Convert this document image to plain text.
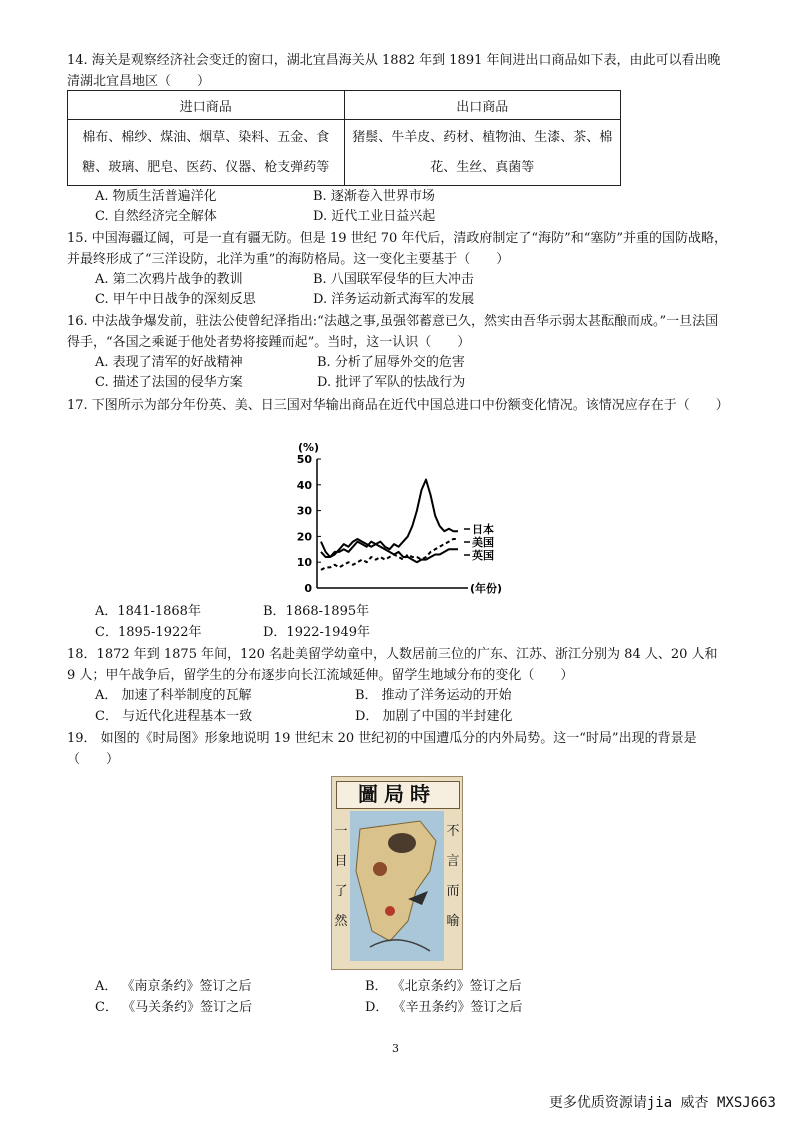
14. 海关是观察经济社会变迁的窗口，湖北宜昌海关从 1882 年到 1891 年间进出口商品如下表，由此可以看出晚清湖北宜昌地区（　　）
进口商品	出口商品
棉布、棉纱、煤油、烟草、染料、五金、食糖、玻璃、肥皂、医药、仪器、枪支弹药等	猪鬃、牛羊皮、药材、植物油、生漆、茶、棉花、生丝、真菌等
A. 物质生活普遍洋化	B. 逐渐卷入世界市场
C. 自然经济完全解体	D. 近代工业日益兴起
15. 中国海疆辽阔，可是一直有疆无防。但是 19 世纪 70 年代后，清政府制定了“海防”和“塞防”并重的国防战略，并最终形成了“三洋设防，北洋为重”的海防格局。这一变化主要基于（　　）
A. 第二次鸦片战争的教训	B. 八国联军侵华的巨大冲击
C. 甲午中日战争的深刻反思	D. 洋务运动新式海军的发展
16. 中法战争爆发前，驻法公使曾纪泽指出:“法越之事,虽强邻蓄意已久，然实由吾华示弱太甚酝酿而成。”一旦法国得手，“各国之乘诞于他处者势将接踵而起”。当时，这一认识（　　）
A. 表现了清军的好战精神	B. 分析了屈辱外交的危害
C. 描述了法国的侵华方案	D. 批评了军队的怯战行为
17. 下图所示为部分年份英、美、日三国对华输出商品在近代中国总进口中份额变化情况。该情况应存在于（　　）
(%)
0
10
20
30
40
50
日本
美国
英国
(年份)
A．1841-1868年	B．1868-1895年
C．1895-1922年	D．1922-1949年
18．1872 年到 1875 年间，120 名赴美留学幼童中，人数居前三位的广东、江苏、浙江分别为 84 人、20 人和 9 人；甲午战争后，留学生的分布逐步向长江流域延伸。留学生地域分布的变化（　　）
A． 加速了科举制度的瓦解	B． 推动了洋务运动的开始
C． 与近代化进程基本一致	D． 加剧了中国的半封建化
19． 如图的《时局图》形象地说明 19 世纪末 20 世纪初的中国遭瓜分的内外局势。这一“时局”出现的背景是（　　）
圖局時
一
目
了
然
不
言
而
喻
A． 《南京条约》签订之后	B． 《北京条约》签订之后
C． 《马关条约》签订之后	D． 《辛丑条约》签订之后
3
更多优质资源请jia 威杏 MXSJ663
